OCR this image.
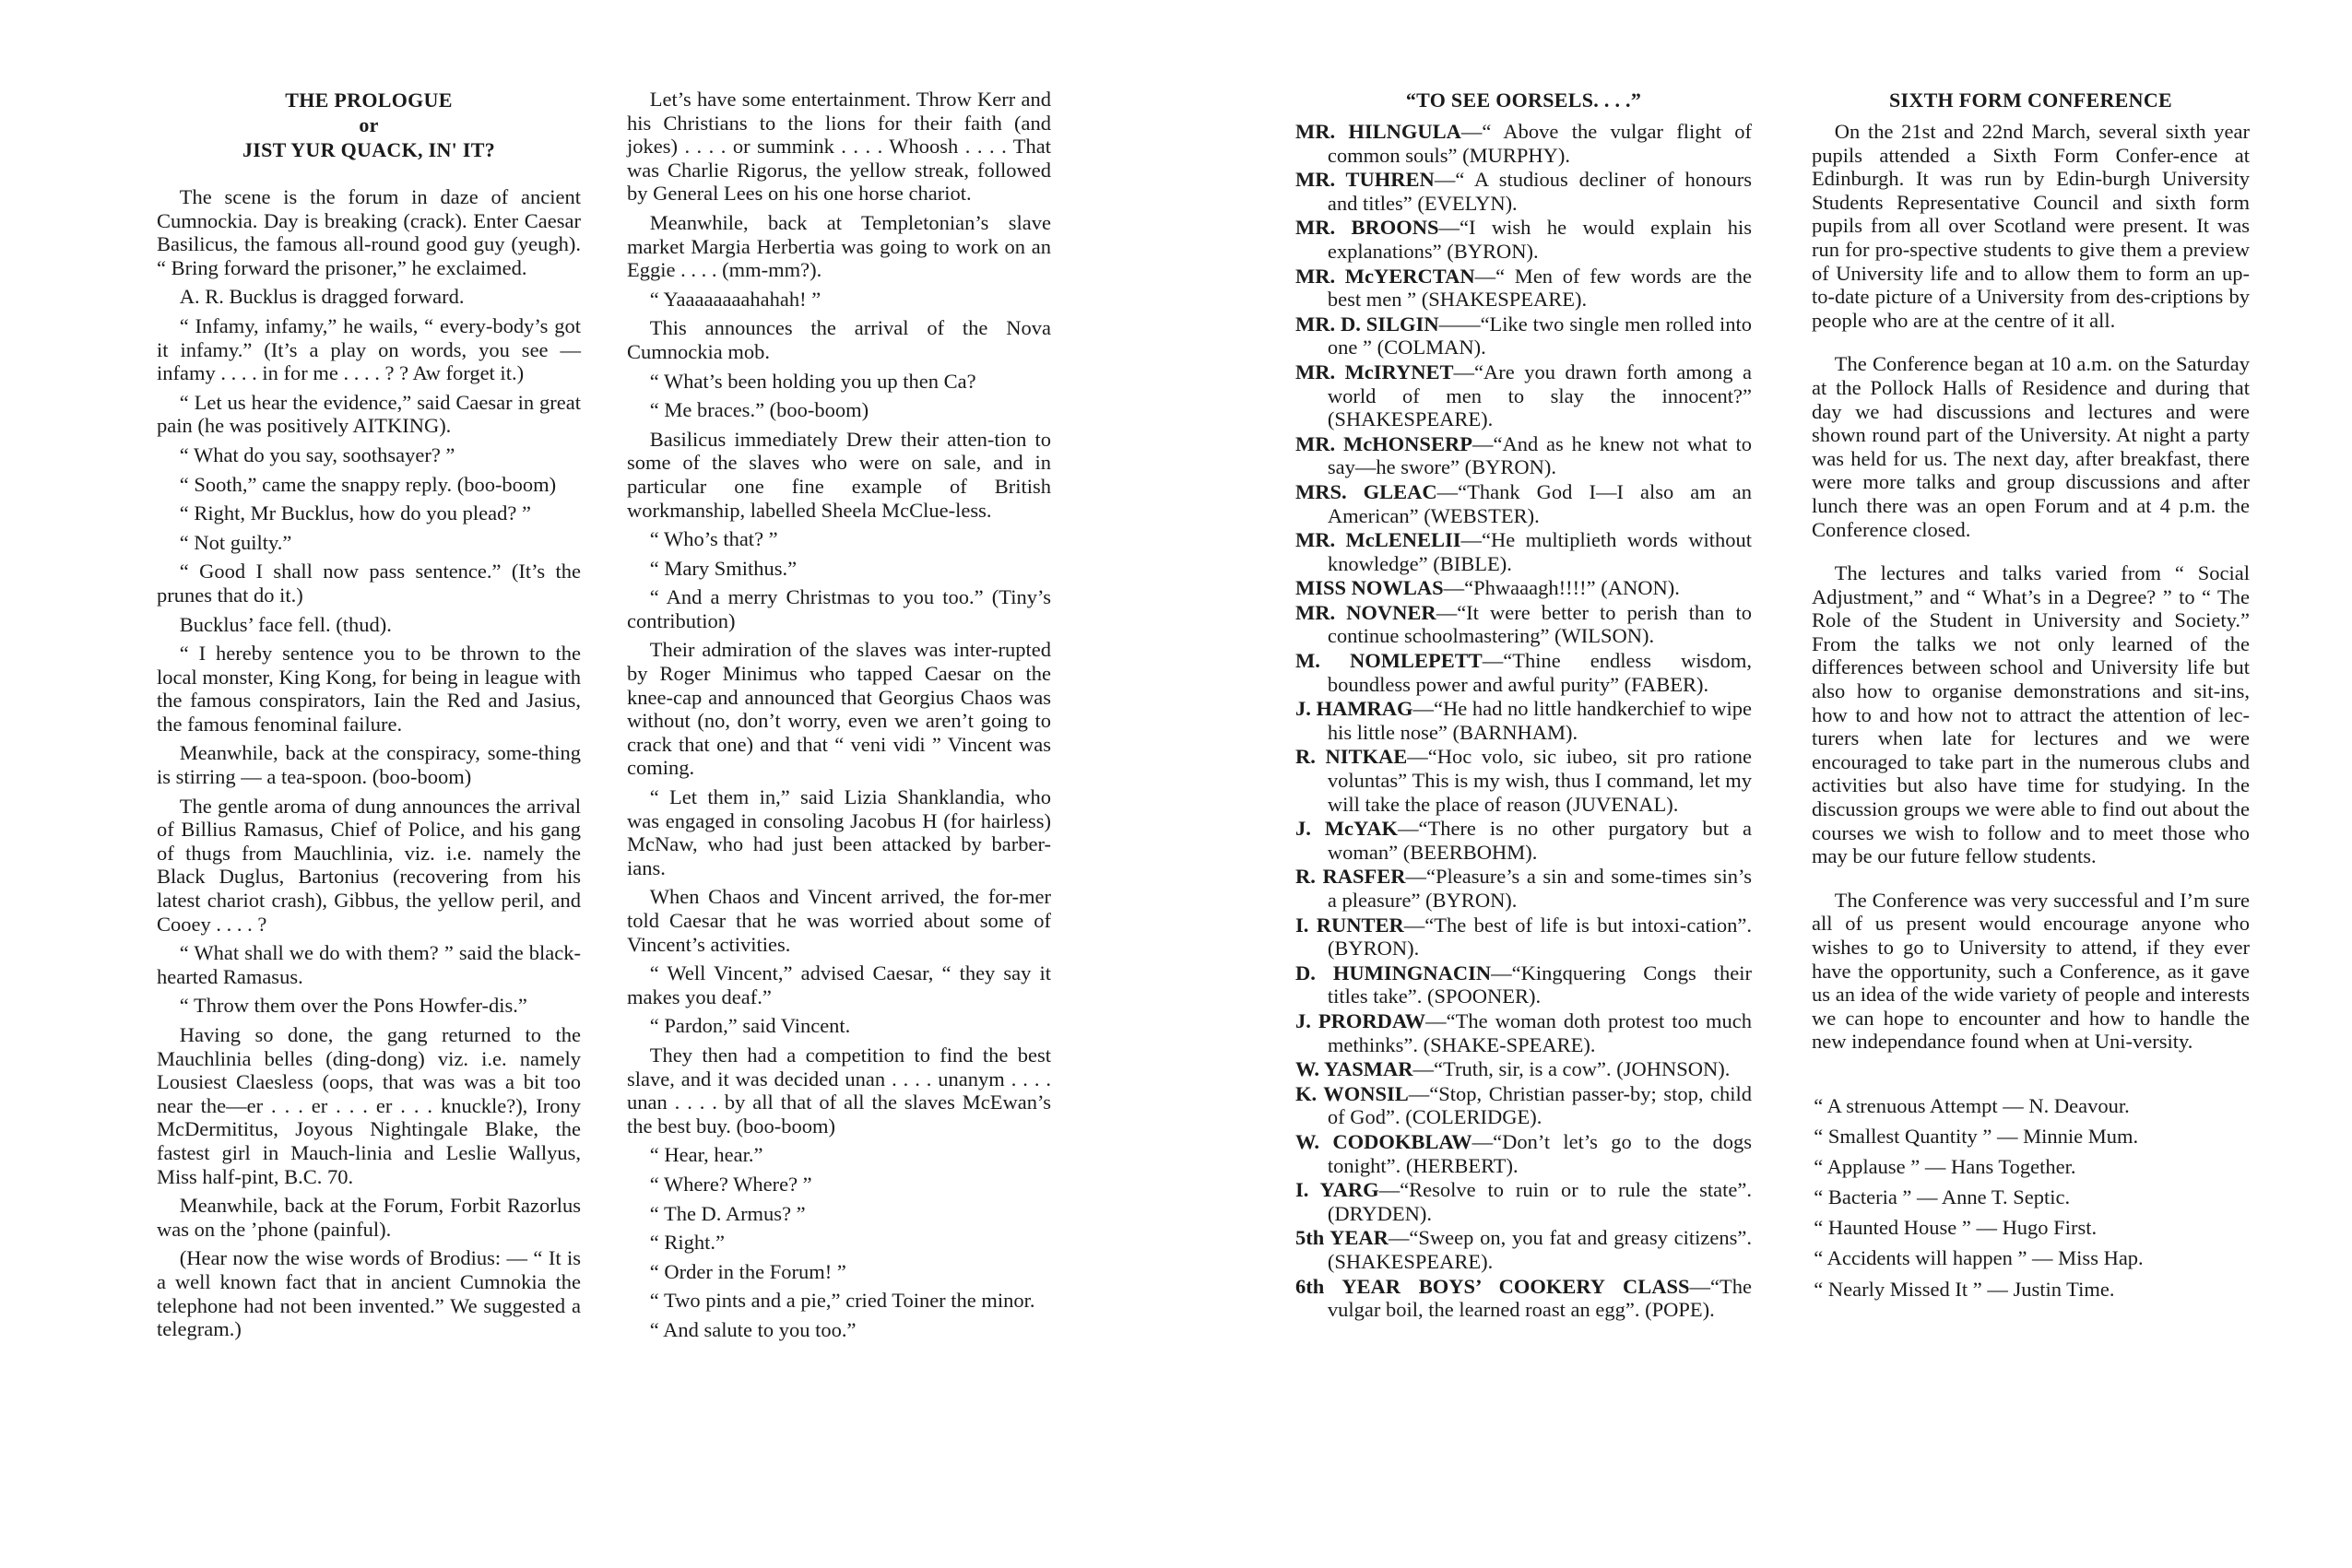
THE PROLOGUE
or
JIST YUR QUACK, IN' IT?

The scene is the forum in daze of ancient Cumnockia. Day is breaking (crack). Enter Caesar Basilicus, the famous all-round good guy (yeugh). “ Bring forward the prisoner,” he exclaimed.

A. R. Bucklus is dragged forward.

“ Infamy, infamy,” he wails, “ every-body’s got it infamy.” (It’s a play on words, you see — infamy . . . . in for me . . . . ? ? Aw forget it.)

“ Let us hear the evidence,” said Caesar in great pain (he was positively AITKING).

“ What do you say, soothsayer? ”

“ Sooth,” came the snappy reply. (boo-boom)

“ Right, Mr Bucklus, how do you plead? ”

“ Not guilty.”

“ Good I shall now pass sentence.” (It’s the prunes that do it.)

Bucklus’ face fell. (thud).

“ I hereby sentence you to be thrown to the local monster, King Kong, for being in league with the famous conspirators, Iain the Red and Jasius, the famous fenominal failure.

Meanwhile, back at the conspiracy, some-thing is stirring — a tea-spoon. (boo-boom)

The gentle aroma of dung announces the arrival of Billius Ramasus, Chief of Police, and his gang of thugs from Mauchlinia, viz. i.e. namely the Black Duglus, Bartonius (recovering from his latest chariot crash), Gibbus, the yellow peril, and Cooey . . . . ?

“ What shall we do with them? ” said the black-hearted Ramasus.

“ Throw them over the Pons Howfer-dis.”

Having so done, the gang returned to the Mauchlinia belles (ding-dong) viz. i.e. namely Lousiest Claesless (oops, that was was a bit too near the—er . . . er . . . er . . . knuckle?), Irony McDermititus, Joyous Nightingale Blake, the fastest girl in Mauch-linia and Leslie Wallyus, Miss half-pint, B.C. 70.

Meanwhile, back at the Forum, Forbit Razorlus was on the ’phone (painful).

(Hear now the wise words of Brodius: — “ It is a well known fact that in ancient Cumnokia the telephone had not been invented.” We suggested a telegram.)

Let’s have some entertainment. Throw Kerr and his Christians to the lions for their faith (and jokes) . . . . or summink . . . . Whoosh . . . . That was Charlie Rigorus, the yellow streak, followed by General Lees on his one horse chariot.

Meanwhile, back at Templetonian’s slave market Margia Herbertia was going to work on an Eggie . . . . (mm-mm?).

“ Yaaaaaaaahahah! ”

This announces the arrival of the Nova Cumnockia mob.

“ What’s been holding you up then Ca?

“ Me braces.” (boo-boom)

Basilicus immediately Drew their atten-tion to some of the slaves who were on sale, and in particular one fine example of British workmanship, labelled Sheela McClue-less.

“ Who’s that? ”

“ Mary Smithus.”

“ And a merry Christmas to you too.” (Tiny’s contribution)

Their admiration of the slaves was inter-rupted by Roger Minimus who tapped Caesar on the knee-cap and announced that Georgius Chaos was without (no, don’t worry, even we aren’t going to crack that one) and that “ veni vidi ” Vincent was coming.

“ Let them in,” said Lizia Shanklandia, who was engaged in consoling Jacobus H (for hairless) McNaw, who had just been attacked by barber-ians.

When Chaos and Vincent arrived, the for-mer told Caesar that he was worried about some of Vincent’s activities.

“ Well Vincent,” advised Caesar, “ they say it makes you deaf.”

“ Pardon,” said Vincent.

They then had a competition to find the best slave, and it was decided unan . . . . unanym . . . . unan . . . . by all that of all the slaves McEwan’s the best buy. (boo-boom)

“ Hear, hear.”

“ Where? Where? ”

“ The D. Armus? ”

“ Right.”

“ Order in the Forum! ”

“ Two pints and a pie,” cried Toiner the minor.

“ And salute to you too.”

“TO SEE OORSELS. . . .”
MR. HILNGULA—“ Above the vulgar flight of common souls” (MURPHY).
MR. TUHREN—“ A studious decliner of honours and titles” (EVELYN).
MR. BROONS—“I wish he would explain his explanations” (BYRON).
MR. McYERCTAN—“ Men of few words are the best men ” (SHAKESPEARE).
MR. D. SILGIN——“Like two single men rolled into one ” (COLMAN).
MR. McIRYNET—“Are you drawn forth among a world of men to slay the innocent?” (SHAKESPEARE).
MR. McHONSERP—“And as he knew not what to say—he swore” (BYRON).
MRS. GLEAC—“Thank God I—I also am an American” (WEBSTER).
MR. McLENELII—“He multiplieth words without knowledge” (BIBLE).
MISS NOWLAS—“Phwaaagh!!!!” (ANON).
MR. NOVNER—“It were better to perish than to continue schoolmastering” (WILSON).
M. NOMLEPETT—“Thine endless wisdom, boundless power and awful purity” (FABER).
J. HAMRAG—“He had no little handkerchief to wipe his little nose” (BARNHAM).
R. NITKAE—“Hoc volo, sic iubeo, sit pro ratione voluntas” This is my wish, thus I command, let my will take the place of reason (JUVENAL).
J. McYAK—“There is no other purgatory but a woman” (BEERBOHM).
R. RASFER—“Pleasure’s a sin and some-times sin’s a pleasure” (BYRON).
I. RUNTER—“The best of life is but intoxi-cation”. (BYRON).
D. HUMINGNACIN—“Kingquering Congs their titles take”. (SPOONER).
J. PRORDAW—“The woman doth protest too much methinks”. (SHAKE-SPEARE).
W. YASMAR—“Truth, sir, is a cow”. (JOHNSON).
K. WONSIL—“Stop, Christian passer-by; stop, child of God”. (COLERIDGE).
W. CODOKBLAW—“Don’t let’s go to the dogs tonight”. (HERBERT).
I. YARG—“Resolve to ruin or to rule the state”. (DRYDEN).
5th YEAR—“Sweep on, you fat and greasy citizens”. (SHAKESPEARE).
6th YEAR BOYS’ COOKERY CLASS—“The vulgar boil, the learned roast an egg”. (POPE).
SIXTH FORM CONFERENCE

On the 21st and 22nd March, several sixth year pupils attended a Sixth Form Confer-ence at Edinburgh. It was run by Edin-burgh University Students Representative Council and sixth form pupils from all over Scotland were present. It was run for pro-spective students to give them a preview of University life and to allow them to form an up-to-date picture of a University from des-criptions by people who are at the centre of it all.

The Conference began at 10 a.m. on the Saturday at the Pollock Halls of Residence and during that day we had discussions and lectures and were shown round part of the University. At night a party was held for us. The next day, after breakfast, there were more talks and group discussions and after lunch there was an open Forum and at 4 p.m. the Conference closed.

The lectures and talks varied from “ Social Adjustment,” and “ What’s in a Degree? ” to “ The Role of the Student in University and Society.” From the talks we not only learned of the differences between school and University life but also how to organise demonstrations and sit-ins, how to and how not to attract the attention of lec-turers when late for lectures and we were encouraged to take part in the numerous clubs and activities but also have time for studying. In the discussion groups we were able to find out about the courses we wish to follow and to meet those who may be our future fellow students.

The Conference was very successful and I’m sure all of us present would encourage anyone who wishes to go to University to attend, if they ever have the opportunity, such a Conference, as it gave us an idea of the wide variety of people and interests we can hope to encounter and how to handle the new independance found when at Uni-versity.

“ A strenuous Attempt — N. Deavour.
“ Smallest Quantity ” — Minnie Mum.
“ Applause ” — Hans Together.
“ Bacteria ” — Anne T. Septic.
“ Haunted House ” — Hugo First.
“ Accidents will happen ” — Miss Hap.
“ Nearly Missed It ” — Justin Time.
